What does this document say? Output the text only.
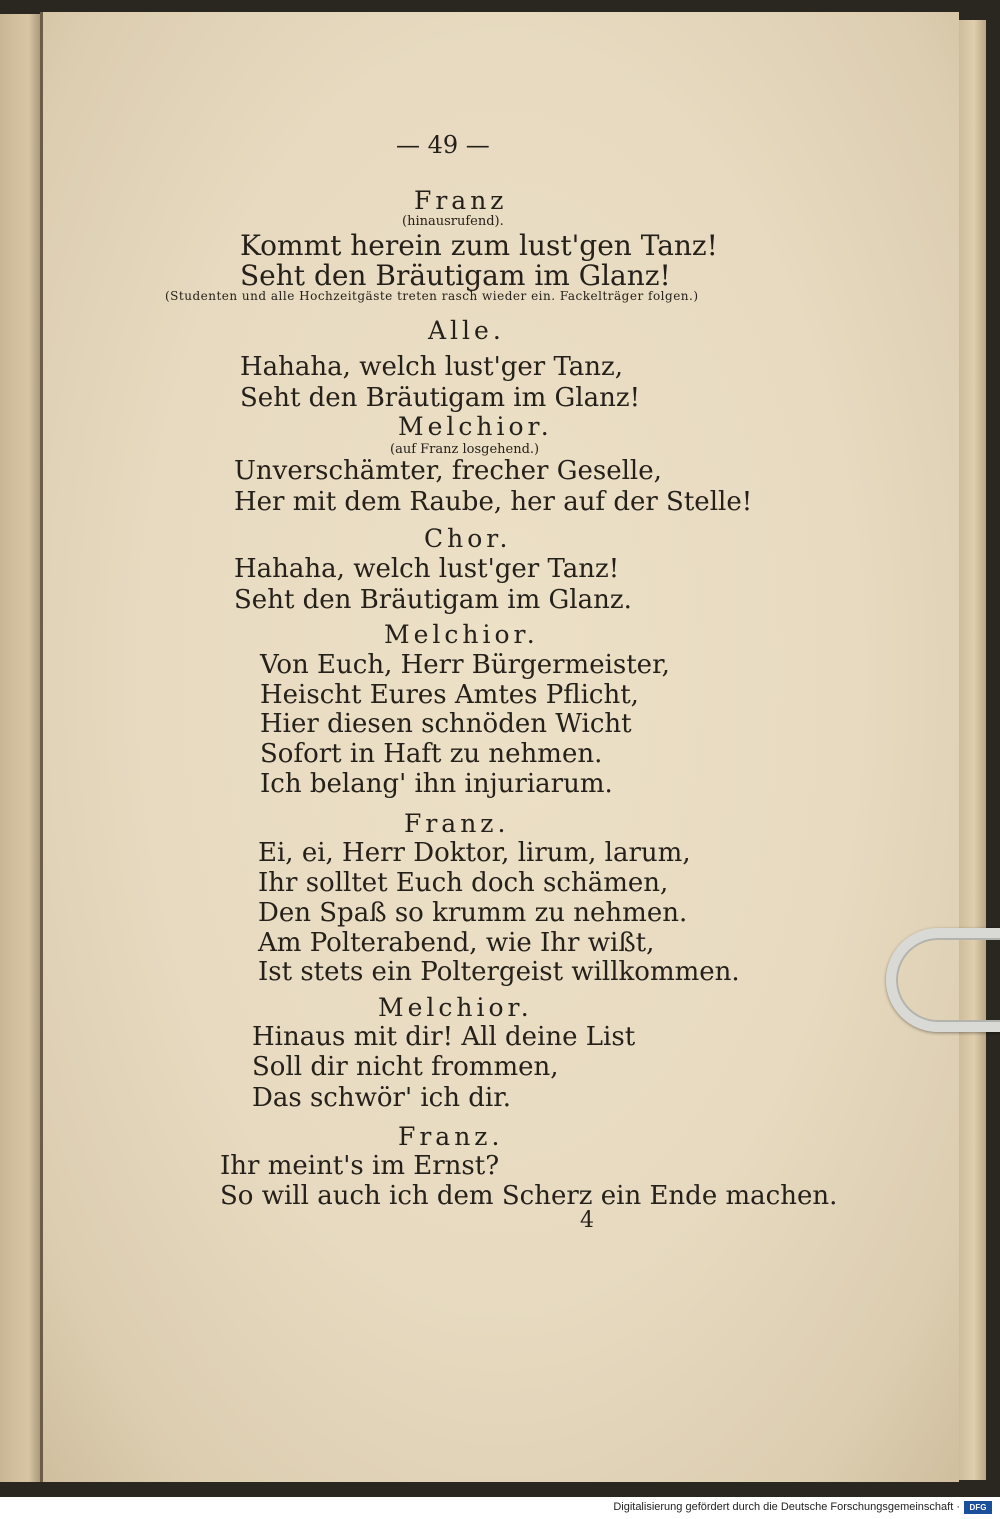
— 49 —
Franz
(hinausrufend).
Kommt herein zum lust'gen Tanz!
Seht den Bräutigam im Glanz!
(Studenten und alle Hochzeitgäste treten rasch wieder ein. Fackelträger folgen.)
Alle.
Hahaha, welch lust'ger Tanz,
Seht den Bräutigam im Glanz!
Melchior.
(auf Franz losgehend.)
Unverschämter, frecher Geselle,
Her mit dem Raube, her auf der Stelle!
Chor.
Hahaha, welch lust'ger Tanz!
Seht den Bräutigam im Glanz.
Melchior.
Von Euch, Herr Bürgermeister,
Heischt Eures Amtes Pflicht,
Hier diesen schnöden Wicht
Sofort in Haft zu nehmen.
Ich belang' ihn injuriarum.
Franz.
Ei, ei, Herr Doktor, lirum, larum,
Ihr solltet Euch doch schämen,
Den Spaß so krumm zu nehmen.
Am Polterabend, wie Ihr wißt,
Ist stets ein Poltergeist willkommen.
Melchior.
Hinaus mit dir! All deine List
Soll dir nicht frommen,
Das schwör' ich dir.
Franz.
Ihr meint's im Ernst?
So will auch ich dem Scherz ein Ende machen.
4
Digitalisierung gefördert durch die Deutsche Forschungsgemeinschaft ·	DFG
